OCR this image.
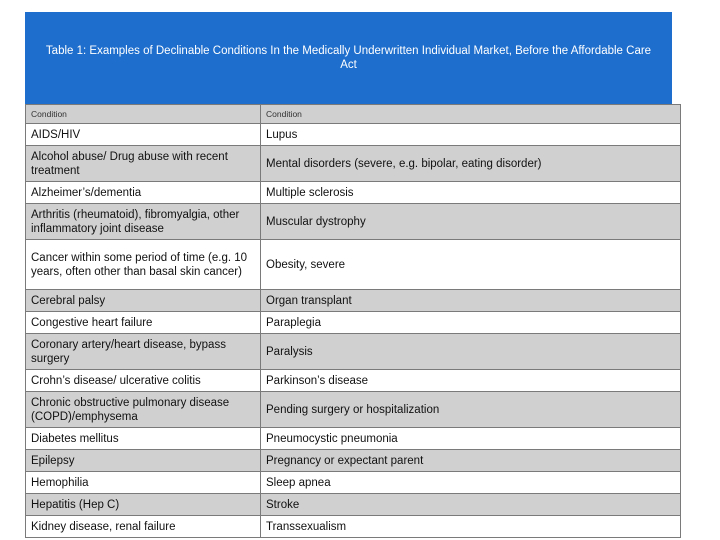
Table 1: Examples of Declinable Conditions In the Medically Underwritten Individual Market, Before the Affordable Care Act
Condition	Condition
AIDS/HIV	Lupus
Alcohol abuse/ Drug abuse with recent treatment	Mental disorders (severe, e.g. bipolar, eating disorder)
Alzheimer’s/dementia	Multiple sclerosis
Arthritis (rheumatoid), fibromyalgia, other inflammatory joint disease	Muscular dystrophy
Cancer within some period of time (e.g. 10 years, often other than basal skin cancer)	Obesity, severe
Cerebral palsy	Organ transplant
Congestive heart failure	Paraplegia
Coronary artery/heart disease, bypass surgery	Paralysis
Crohn’s disease/ ulcerative colitis	Parkinson’s disease
Chronic obstructive pulmonary disease (COPD)/emphysema	Pending surgery or hospitalization
Diabetes mellitus	Pneumocystic pneumonia
Epilepsy	Pregnancy or expectant parent
Hemophilia	Sleep apnea
Hepatitis (Hep C)	Stroke
Kidney disease, renal failure	Transsexualism
